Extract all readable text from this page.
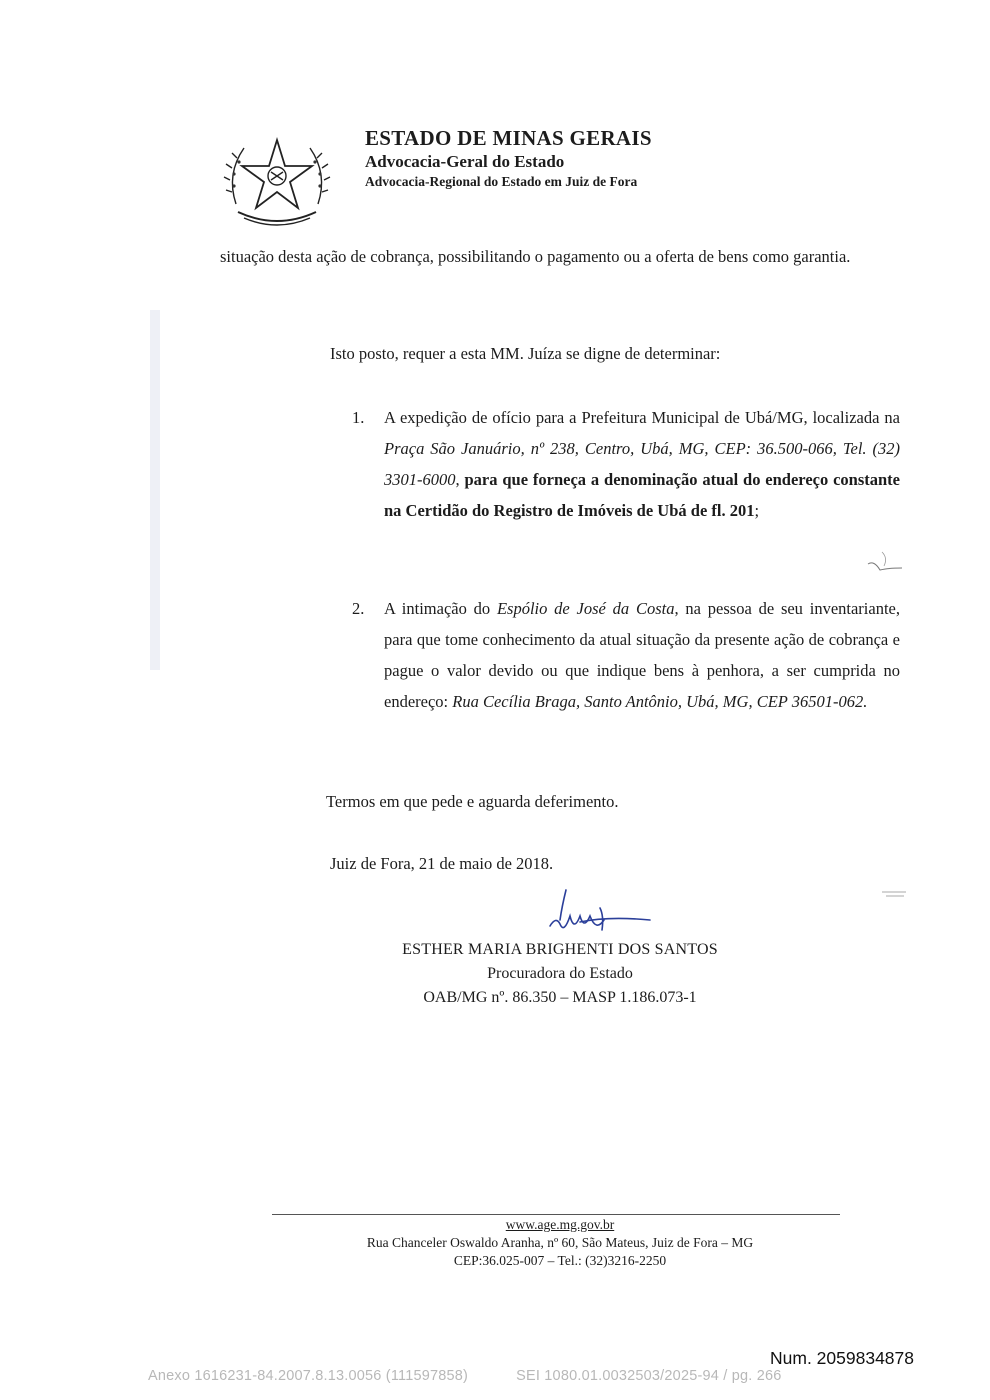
ESTADO DE MINAS GERAIS
Advocacia-Geral do Estado
Advocacia-Regional do Estado em Juiz de Fora
situação desta ação de cobrança, possibilitando o pagamento ou a oferta de bens como garantia.
Isto posto, requer a esta MM. Juíza se digne de determinar:
1.	A expedição de ofício para a Prefeitura Municipal de Ubá/MG, localizada na Praça São Januário, nº 238, Centro, Ubá, MG, CEP: 36.500-066, Tel. (32) 3301-6000, para que forneça a denominação atual do endereço constante na Certidão do Registro de Imóveis de Ubá de fl. 201;
2.	A intimação do Espólio de José da Costa, na pessoa de seu inventariante, para que tome conhecimento da atual situação da presente ação de cobrança e pague o valor devido ou que indique bens à penhora, a ser cumprida no endereço: Rua Cecília Braga, Santo Antônio, Ubá, MG, CEP 36501-062.
Termos em que pede e aguarda deferimento.
Juiz de Fora, 21 de maio de 2018.
ESTHER MARIA BRIGHENTI DOS SANTOS
Procuradora do Estado
OAB/MG nº. 86.350 – MASP 1.186.073-1
www.age.mg.gov.br
Rua Chanceler Oswaldo Aranha, nº 60, São Mateus, Juiz de Fora – MG
CEP:36.025-007 – Tel.: (32)3216-2250
Num. 2059834878
Anexo 1616231-84.2007.8.13.0056 (111597858)	SEI 1080.01.0032503/2025-94 / pg. 266
